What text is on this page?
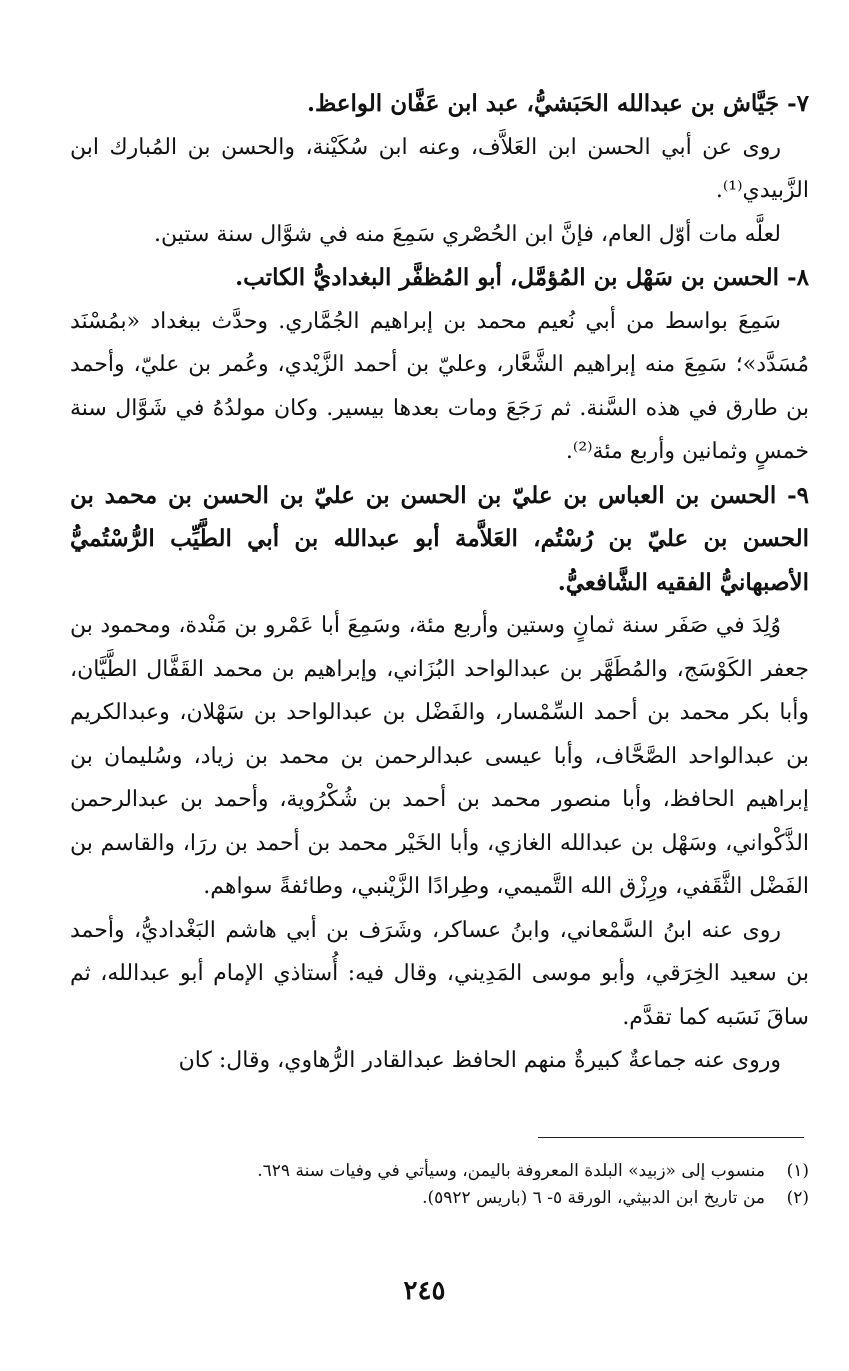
٧- جَيَّاش بن عبدالله الحَبَشيُّ، عبد ابن عَفَّان الواعظ.

روى عن أبي الحسن ابن العَلاَّف، وعنه ابن سُكَيْنة، والحسن بن المُبارك ابن الزَّبيدي⁽¹⁾.

لعلَّه مات أوّل العام، فإنَّ ابن الحُصْري سَمِعَ منه في شوَّال سنة ستين.

٨- الحسن بن سَهْل بن المُؤمَّل، أبو المُظفَّر البغداديُّ الكاتب.

سَمِعَ بواسط من أبي نُعيم محمد بن إبراهيم الجُمَّاري. وحدَّث ببغداد «بمُسْنَد مُسَدَّد»؛ سَمِعَ منه إبراهيم الشَّعَّار، وعليّ بن أحمد الزَّيْدي، وعُمر بن عليّ، وأحمد بن طارق في هذه السَّنة. ثم رَجَعَ ومات بعدها بيسير. وكان مولدُهُ في شَوَّال سنة خمسٍ وثمانين وأربع مئة⁽²⁾.

٩- الحسن بن العباس بن عليّ بن الحسن بن عليّ بن الحسن بن محمد بن الحسن بن عليّ بن رُسْتُم، العَلاَّمة أبو عبدالله بن أبي الطَّيِّب الرُّسْتُميُّ الأصبهانيُّ الفقيه الشَّافعيُّ.

وُلِدَ في صَفَر سنة ثمانٍ وستين وأربع مئة، وسَمِعَ أبا عَمْرو بن مَنْدة، ومحمود بن جعفر الكَوْسَج، والمُطَهَّر بن عبدالواحد البُزَاني، وإبراهيم بن محمد القَفَّال الطَّيَّان، وأبا بكر محمد بن أحمد السِّمْسار، والفَضْل بن عبدالواحد بن سَهْلان، وعبدالكريم بن عبدالواحد الصَّحَّاف، وأبا عيسى عبدالرحمن بن محمد بن زياد، وسُليمان بن إبراهيم الحافظ، وأبا منصور محمد بن أحمد بن شُكْرُوية، وأحمد بن عبدالرحمن الذَّكْواني، وسَهْل بن عبدالله الغازي، وأبا الخَيْر محمد بن أحمد بن ررَا، والقاسم بن الفَضْل الثَّقَفي، ورِزْق الله التَّميمي، وطِرادًا الزَّيْنبي، وطائفةً سواهم.

روى عنه ابنُ السَّمْعاني، وابنُ عساكر، وشَرَف بن أبي هاشم البَغْداديُّ، وأحمد بن سعيد الخِرَقي، وأبو موسى المَدِيني، وقال فيه: أُستاذي الإمام أبو عبدالله، ثم ساقَ نَسَبه كما تقدَّم.

وروى عنه جماعةٌ كبيرةٌ منهم الحافظ عبدالقادر الرُّهاوي، وقال: كان

(١)منسوب إلى «زبيد» البلدة المعروفة باليمن، وسيأتي في وفيات سنة ٦٢٩.

(٢)من تاريخ ابن الدبيثي، الورقة ٥- ٦ (باريس ٥٩٢٢).

٢٤٥
